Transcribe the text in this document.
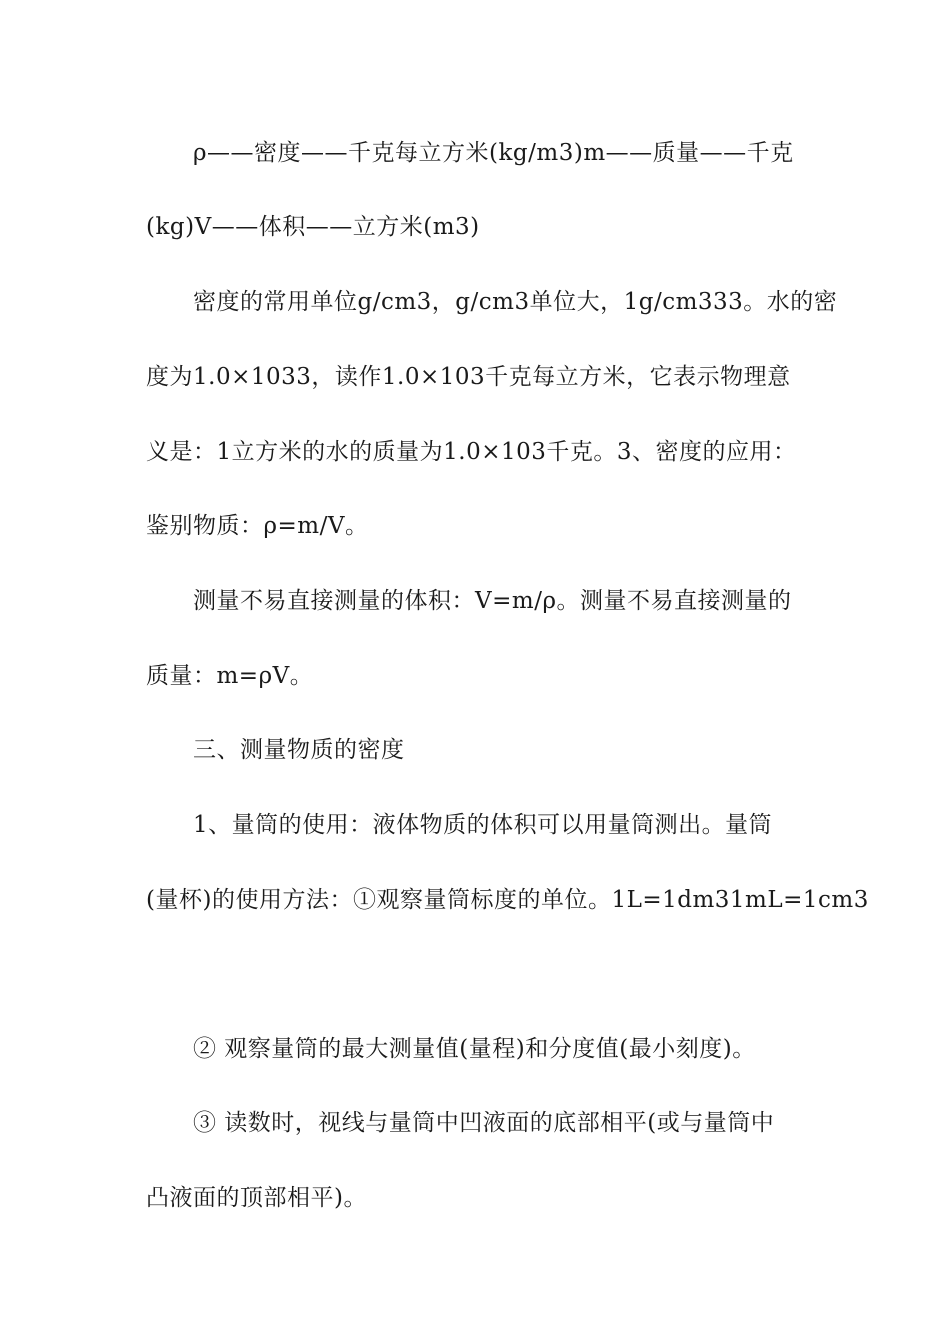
ρ——密度——千克每立方米(kg/m3)m——质量——千克
(kg)V——体积——立方米(m3)
密度的常用单位g/cm3，g/cm3单位大，1g/cm333。水的密
度为1.0×1033，读作1.0×103千克每立方米，它表示物理意
义是：1立方米的水的质量为1.0×103千克。3、密度的应用：
鉴别物质：ρ=m/V。
测量不易直接测量的体积：V=m/ρ。测量不易直接测量的
质量：m=ρV。
三、测量物质的密度
1、量筒的使用：液体物质的体积可以用量筒测出。量筒
(量杯)的使用方法：①观察量筒标度的单位。1L=1dm31mL=1cm3
② 观察量筒的最大测量值(量程)和分度值(最小刻度)。
③ 读数时，视线与量筒中凹液面的底部相平(或与量筒中
凸液面的顶部相平)。
